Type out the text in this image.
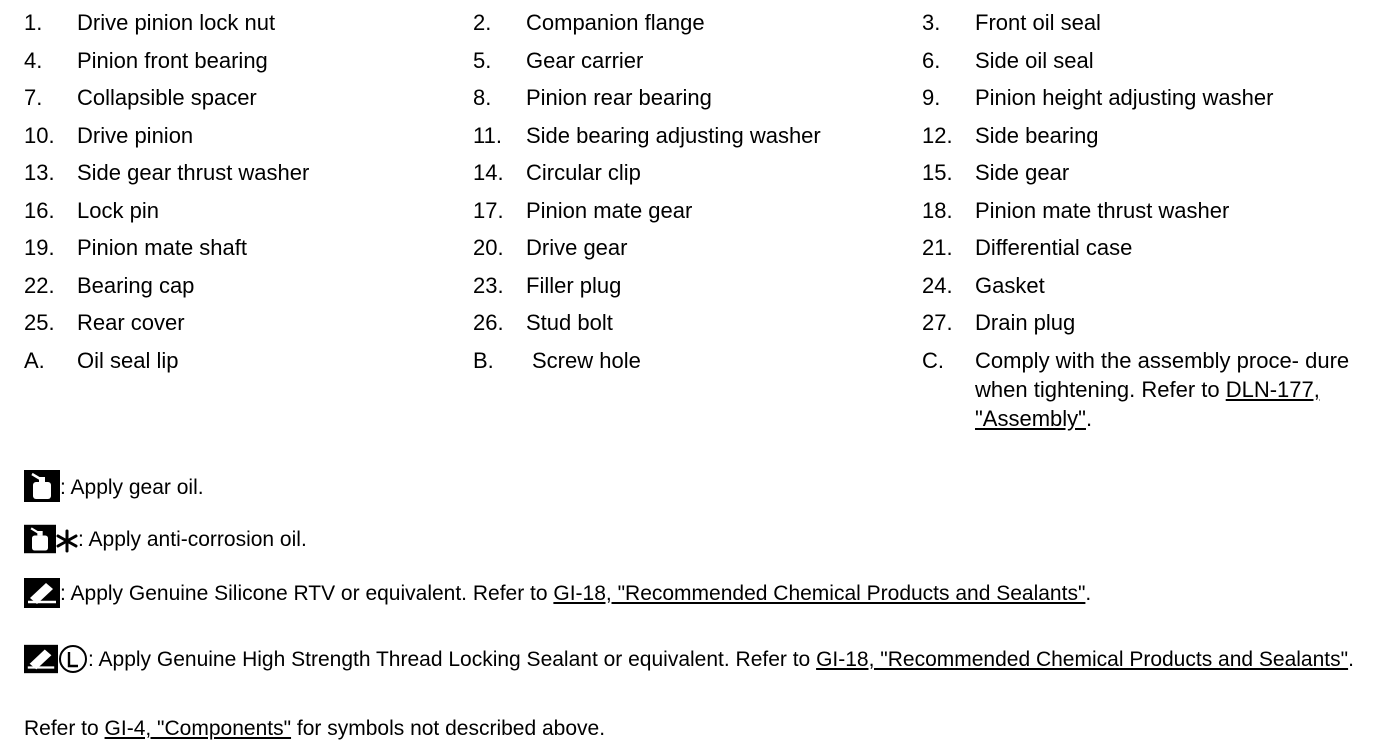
1.	Drive pinion lock nut	2.	Companion flange	3.	Front oil seal
4.	Pinion front bearing	5.	Gear carrier	6.	Side oil seal
7.	Collapsible spacer	8.	Pinion rear bearing	9.	Pinion height adjusting washer
10.	Drive pinion	11.	Side bearing adjusting washer	12.	Side bearing
13.	Side gear thrust washer	14.	Circular clip	15.	Side gear
16.	Lock pin	17.	Pinion mate gear	18.	Pinion mate thrust washer
19.	Pinion mate shaft	20.	Drive gear	21.	Differential case
22.	Bearing cap	23.	Filler plug	24.	Gasket
25.	Rear cover	26.	Stud bolt	27.	Drain plug
A.	Oil seal lip	B.	Screw hole	C.	Comply with the assembly proce- dure when tightening. Refer to DLN-177, "Assembly".
: Apply gear oil.
: Apply anti-corrosion oil.
: Apply Genuine Silicone RTV or equivalent. Refer to GI-18, "Recommended Chemical Products and Sealants".
: Apply Genuine High Strength Thread Locking Sealant or equivalent. Refer to GI-18, "Recommended Chemical Products and Sealants".
Refer to GI-4, "Components" for symbols not described above.
